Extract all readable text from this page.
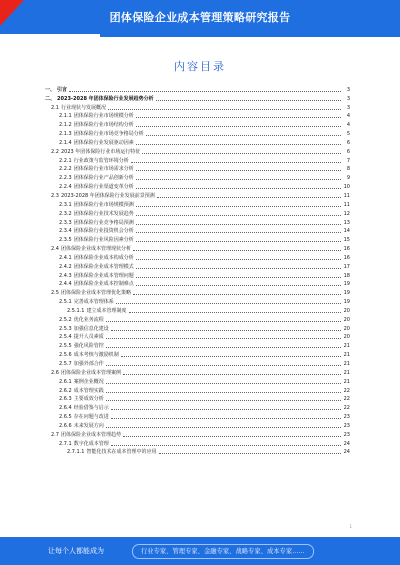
团体保险企业成本管理策略研究报告
内容目录
一、 引言	3
二、 2023-2028 年团体保险行业发展趋势分析	3
2.1 行业现状与发展概况	3
2.1.1 团体保险行业市场规模分析	4
2.1.2 团体保险行业市场结构分析	4
2.1.3 团体保险行业市场竞争格局分析	5
2.1.4 团体保险行业发展驱动因素	6
2.2 2023 年团体保险行业市场运行特征	6
2.2.1 行业政策与监管环境分析	7
2.2.2 团体保险行业市场需求分析	8
2.2.3 团体保险行业产品创新分析	9
2.2.4 团体保险行业渠道变革分析	10
2.3 2023-2028 年团体保险行业发展前景预测	11
2.3.1 团体保险行业市场规模预测	11
2.3.2 团体保险行业技术发展趋势	12
2.3.3 团体保险行业竞争格局预测	13
2.3.4 团体保险行业投资机会分析	14
2.3.5 团体保险行业风险因素分析	15
2.4 团体保险企业成本管理现状分析	16
2.4.1 团体保险企业成本构成分析	16
2.4.2 团体保险企业成本管理模式	17
2.4.3 团体保险企业成本管理问题	18
2.4.4 团体保险企业成本控制难点	19
2.5 团体保险企业成本管理优化策略	19
2.5.1 完善成本管理体系	19
2.5.1.1 建立成本管理制度	20
2.5.2 优化业务流程	20
2.5.3 加强信息化建设	20
2.5.4 提升人员素质	20
2.5.5 强化风险管控	21
2.5.6 成本考核与激励机制	21
2.5.7 加强外部合作	21
2.6 团体保险企业成本管理案例	21
2.6.1 案例企业概况	21
2.6.2 成本管理实践	22
2.6.3 主要成效分析	22
2.6.4 经验借鉴与启示	22
2.6.5 存在问题与改进	23
2.6.6 未来发展方向	23
2.7 团体保险企业成本管理趋势	23
2.7.1 数字化成本管理	24
2.7.1.1 智能化技术在成本管理中的应用	24
1
让每个人都能成为	行业专家、管理专家、金融专家、战略专家、成本专家……
